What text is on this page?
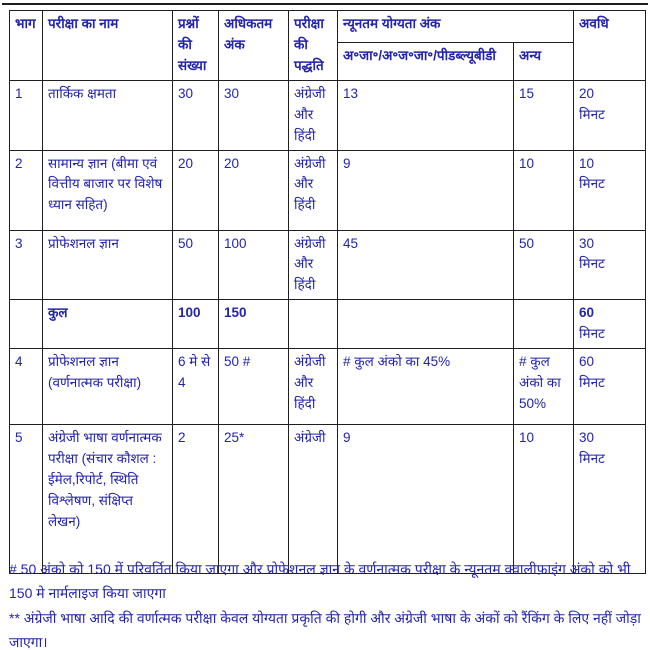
भाग	परीक्षा का नाम	प्रश्नों की संख्या	अधिकतम अंक	परीक्षा की पद्धति	न्यूनतम योग्यता अंक		अवधि
					अ॰जा॰/अ॰ज॰जा॰/पीडब्ल्यूबीडी	अन्य	
1	तार्किक क्षमता	30	30	अंग्रेजी और हिंदी	13	15	20
मिनट

2	सामान्य ज्ञान (बीमा एवं वित्तीय बाजार पर विशेष ध्यान सहित)	20	20	अंग्रेजी और हिंदी	9	10	10
मिनट

3	प्रोफेशनल ज्ञान	50	100	अंग्रेजी और हिंदी	45	50	30
मिनट

	कुल	100	150				60
मिनट

4	प्रोफेशनल ज्ञान (वर्णनात्मक परीक्षा)	6 मे से 4	50 #	अंग्रेजी और हिंदी	# कुल अंको का 45%	# कुल अंको का 50%	60
मिनट

5	अंग्रेजी भाषा वर्णनात्मक परीक्षा (संचार कौशल : ईमेल,रिपोर्ट, स्थिति विश्लेषण, संक्षिप्त लेखन)	2	25*	अंग्रेजी	9	10	30
मिनट

# 50 अंको को 150 में परिवर्तित किया जाएगा और प्रोफेशनल ज्ञान के वर्णनात्मक परीक्षा के न्यूनतम क्वालीफ़ाइंग अंको को भी 150 मे नार्मलाइज किया जाएगा

** अंग्रेजी भाषा आदि की वर्णात्मक परीक्षा केवल योग्यता प्रकृति की होगी और अंग्रेजी भाषा के अंकों को रैंकिंग के लिए नहीं जोड़ा जाएगा।
